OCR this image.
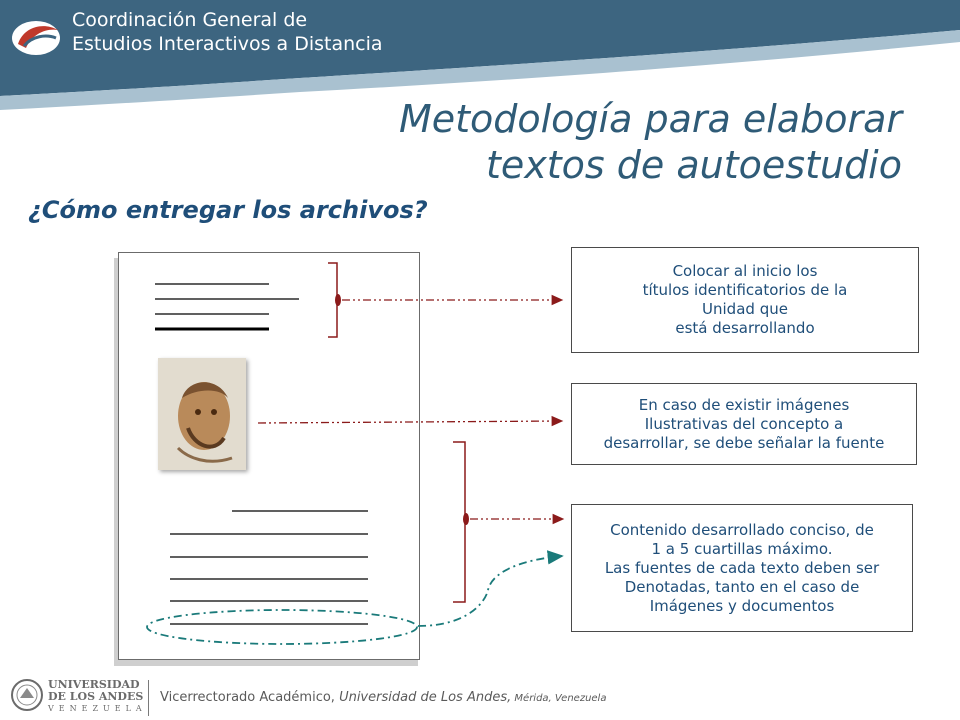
Coordinación General de
Estudios Interactivos a Distancia
Metodología para elaborar
textos de autoestudio
¿Cómo entregar los archivos?
Colocar al inicio los
títulos identificatorios de la
Unidad que
está desarrollando
En caso de existir imágenes
Ilustrativas del concepto a
desarrollar, se debe señalar la fuente
Contenido desarrollado conciso, de
1 a 5 cuartillas máximo.
Las fuentes de cada texto deben ser
Denotadas, tanto en el caso de
Imágenes y documentos
UNIVERSIDAD
DE LOS ANDES
VENEZUELA
Vicerrectorado Académico, Universidad de Los Andes, Mérida, Venezuela
